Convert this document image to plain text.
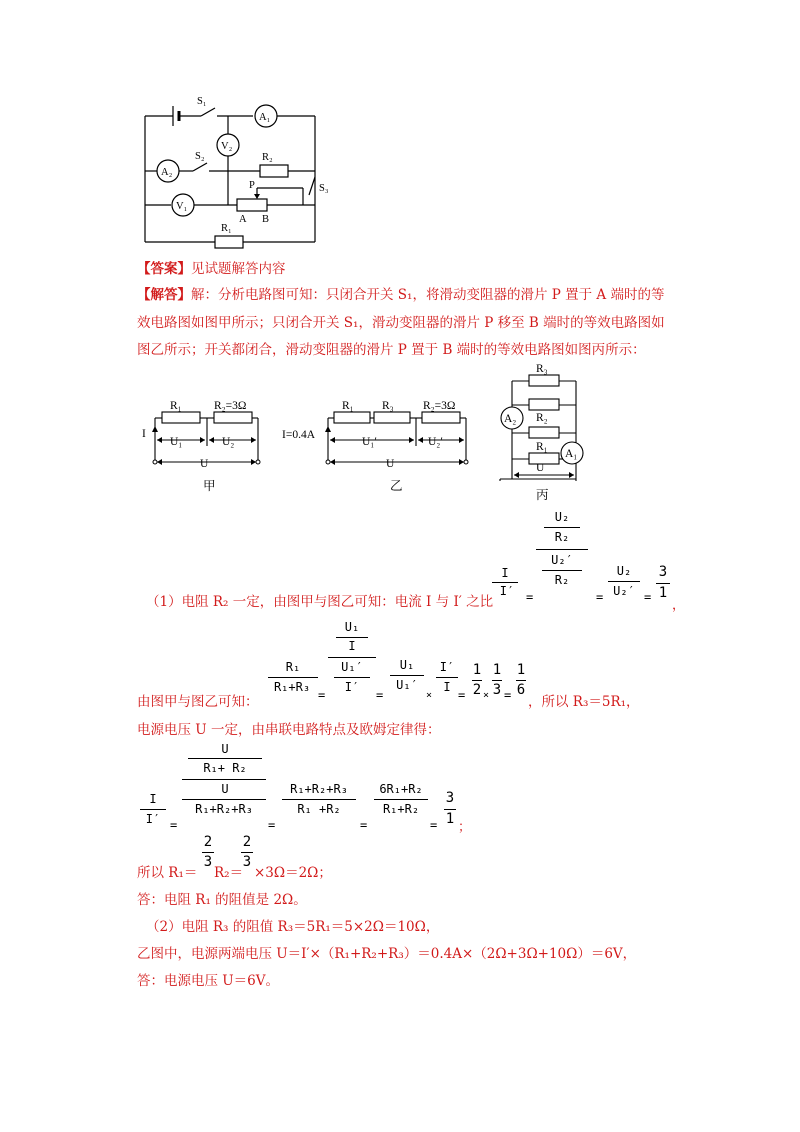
S₁
A₁
V₂
A₂
S₂	R₂
P	S₃
V₁
A B
R₁
【答案】见试题解答内容
【解答】解：分析电路图可知：只闭合开关 S₁，将滑动变阻器的滑片 P 置于 A 端时的等
效电路图如图甲所示；只闭合开关 S₁，滑动变阻器的滑片 P 移至 B 端时的等效电路图如
图乙所示；开关都闭合，滑动变阻器的滑片 P 置于 B 端时的等效电路图如图丙所示：
R₁	R₂=3Ω
I
U₁	U₂
U
甲
R₁ R₃	R₂=3Ω
I=0.4A
U₁′	U₂′
U
乙
R₃
R₂
R₁
A₂
A₁
U
丙
I
I′ =
U₂
R₂
U₂′
R₂
=
U₂
U₂′ =
3
1
，
（1）电阻 R₂ 一定，由图甲与图乙可知：电流 I 与 I′ 之比
R₁
R₁+R₃
=
U₁
I
U₁′
I′
=
U₁
U₁′
×
I′
I
=
1
2 ×
1
3 =
1
6
由图甲与图乙可知：	，所以 R₃＝5R₁，
电源电压 U 一定，由串联电路特点及欧姆定律得：
I
I′ =
U
R₁+ R₂
U
R₁+R₂+R₃
=
R₁+R₂+R₃
R₁ +R₂
=
6R₁+R₂
R₁+R₂
=
3
1
；
所以 R₁＝
2
3
R₂＝
2
3
×3Ω＝2Ω；
答：电阻 R₁ 的阻值是 2Ω。
（2）电阻 R₃ 的阻值 R₃＝5R₁＝5×2Ω＝10Ω，
乙图中，电源两端电压 U＝I′×（R₁+R₂+R₃）＝0.4A×（2Ω+3Ω+10Ω）＝6V，
答：电源电压 U＝6V。
